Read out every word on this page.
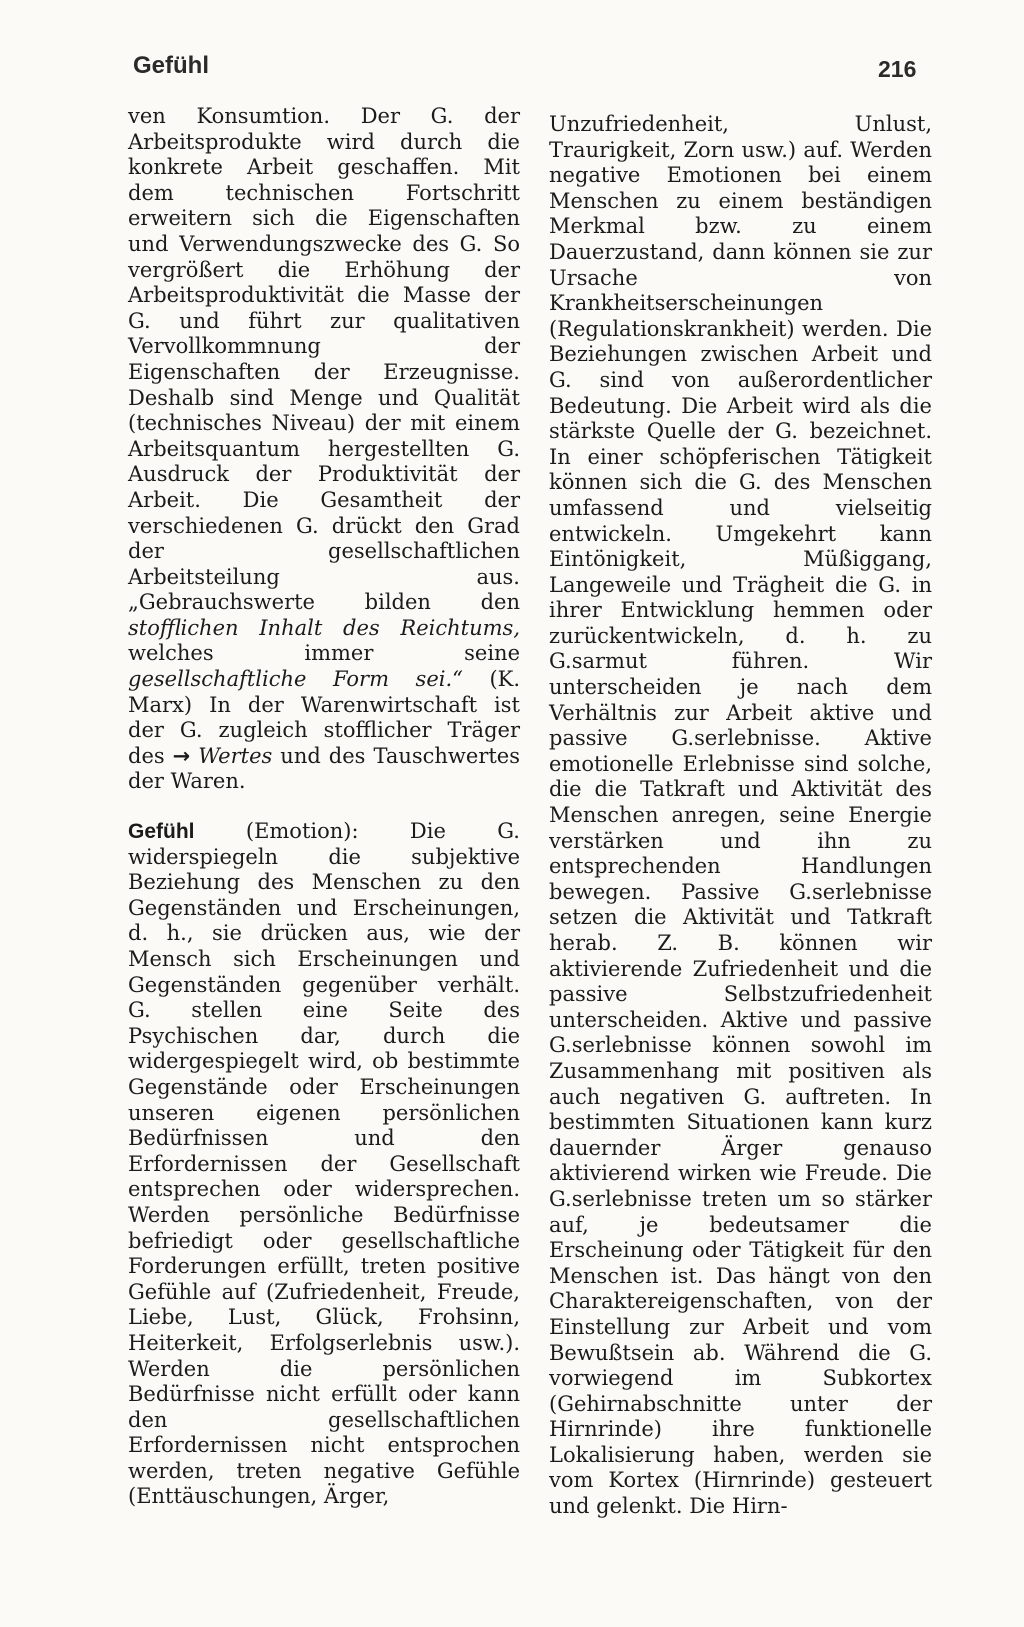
Gefühl	216

ven Konsumtion. Der G. der Arbeitsprodukte wird durch die konkrete Arbeit geschaffen. Mit dem technischen Fortschritt erweitern sich die Eigenschaften und Verwendungszwecke des G. So vergrößert die Erhöhung der Arbeitsproduktivität die Masse der G. und führt zur qualitativen Vervollkommnung der Eigenschaften der Erzeugnisse. Deshalb sind Menge und Qualität (technisches Niveau) der mit einem Arbeitsquantum hergestellten G. Ausdruck der Produktivität der Arbeit. Die Gesamtheit der verschiedenen G. drückt den Grad der gesellschaftlichen Arbeitsteilung aus. „Gebrauchswerte bilden den stofflichen Inhalt des Reichtums, welches immer seine gesellschaftliche Form sei.“ (K. Marx) In der Warenwirtschaft ist der G. zugleich stofflicher Träger des → Wertes und des Tauschwertes der Waren.

Gefühl (Emotion): Die G. widerspiegeln die subjektive Beziehung des Menschen zu den Gegenständen und Erscheinungen, d. h., sie drücken aus, wie der Mensch sich Erscheinungen und Gegenständen gegenüber verhält. G. stellen eine Seite des Psychischen dar, durch die widergespiegelt wird, ob bestimmte Gegenstände oder Erscheinungen unseren eigenen persönlichen Bedürfnissen und den Erfordernissen der Gesellschaft entsprechen oder widersprechen. Werden persönliche Bedürfnisse befriedigt oder gesellschaftliche Forderungen erfüllt, treten positive Gefühle auf (Zufriedenheit, Freude, Liebe, Lust, Glück, Frohsinn, Heiterkeit, Erfolgserlebnis usw.). Werden die persönlichen Bedürfnisse nicht erfüllt oder kann den gesellschaftlichen Erfordernissen nicht entsprochen werden, treten negative Gefühle (Enttäuschungen, Ärger,

Unzufriedenheit, Unlust, Traurigkeit, Zorn usw.) auf. Werden negative Emotionen bei einem Menschen zu einem beständigen Merkmal bzw. zu einem Dauerzustand, dann können sie zur Ursache von Krankheitserscheinungen (Regulationskrankheit) werden. Die Beziehungen zwischen Arbeit und G. sind von außerordentlicher Bedeutung. Die Arbeit wird als die stärkste Quelle der G. bezeichnet. In einer schöpferischen Tätigkeit können sich die G. des Menschen umfassend und vielseitig entwickeln. Umgekehrt kann Eintönigkeit, Müßiggang, Langeweile und Trägheit die G. in ihrer Entwicklung hemmen oder zurückentwickeln, d. h. zu G.sarmut führen. Wir unterscheiden je nach dem Verhältnis zur Arbeit aktive und passive G.serlebnisse. Aktive emotionelle Erlebnisse sind solche, die die Tatkraft und Aktivität des Menschen anregen, seine Energie verstärken und ihn zu entsprechenden Handlungen bewegen. Passive G.serlebnisse setzen die Aktivität und Tatkraft herab. Z. B. können wir aktivierende Zufriedenheit und die passive Selbstzufriedenheit unterscheiden. Aktive und passive G.serlebnisse können sowohl im Zusammenhang mit positiven als auch negativen G. auftreten. In bestimmten Situationen kann kurz dauernder Ärger genauso aktivierend wirken wie Freude. Die G.serlebnisse treten um so stärker auf, je bedeutsamer die Erscheinung oder Tätigkeit für den Menschen ist. Das hängt von den Charaktereigenschaften, von der Einstellung zur Arbeit und vom Bewußtsein ab. Während die G. vorwiegend im Subkortex (Gehirnabschnitte unter der Hirnrinde) ihre funktionelle Lokalisierung haben, werden sie vom Kortex (Hirnrinde) gesteuert und gelenkt. Die Hirn-
